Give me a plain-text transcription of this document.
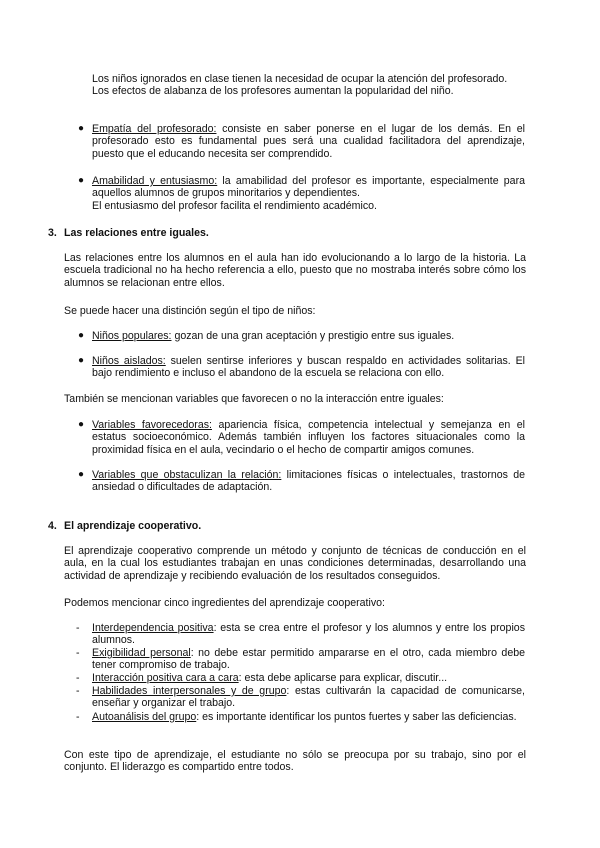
Los niños ignorados en clase tienen la necesidad de ocupar la atención del profesorado.
Los efectos de alabanza de los profesores aumentan la popularidad del niño.

● Empatía del profesorado: consiste en saber ponerse en el lugar de los demás. En el profesorado esto es fundamental pues será una cualidad facilitadora del aprendizaje, puesto que el educando necesita ser comprendido.

● Amabilidad y entusiasmo: la amabilidad del profesor es importante, especialmente para aquellos alumnos de grupos minoritarios y dependientes.
El entusiasmo del profesor facilita el rendimiento académico.

3. Las relaciones entre iguales.

Las relaciones entre los alumnos en el aula han ido evolucionando a lo largo de la historia. La escuela tradicional no ha hecho referencia a ello, puesto que no mostraba interés sobre cómo los alumnos se relacionan entre ellos.

Se puede hacer una distinción según el tipo de niños:

● Niños populares: gozan de una gran aceptación y prestigio entre sus iguales.

● Niños aislados: suelen sentirse inferiores y buscan respaldo en actividades solitarias. El bajo rendimiento e incluso el abandono de la escuela se relaciona con ello.

También se mencionan variables que favorecen o no la interacción entre iguales:

● Variables favorecedoras: apariencia física, competencia intelectual y semejanza en el estatus socioeconómico. Además también influyen los factores situacionales como la proximidad física en el aula, vecindario o el hecho de compartir amigos comunes.

● Variables que obstaculizan la relación: limitaciones físicas o intelectuales, trastornos de ansiedad o dificultades de adaptación.

4. El aprendizaje cooperativo.

El aprendizaje cooperativo comprende un método y conjunto de técnicas de conducción en el aula, en la cual los estudiantes trabajan en unas condiciones determinadas, desarrollando una actividad de aprendizaje y recibiendo evaluación de los resultados conseguidos.

Podemos mencionar cinco ingredientes del aprendizaje cooperativo:

- Interdependencia positiva: esta se crea entre el profesor y los alumnos y entre los propios alumnos.

- Exigibilidad personal: no debe estar permitido ampararse en el otro, cada miembro debe tener compromiso de trabajo.

- Interacción positiva cara a cara: esta debe aplicarse para explicar, discutir...

- Habilidades interpersonales y de grupo: estas cultivarán la capacidad de comunicarse, enseñar y organizar el trabajo.

- Autoanálisis del grupo: es importante identificar los puntos fuertes y saber las deficiencias.

Con este tipo de aprendizaje, el estudiante no sólo se preocupa por su trabajo, sino por el conjunto. El liderazgo es compartido entre todos.
